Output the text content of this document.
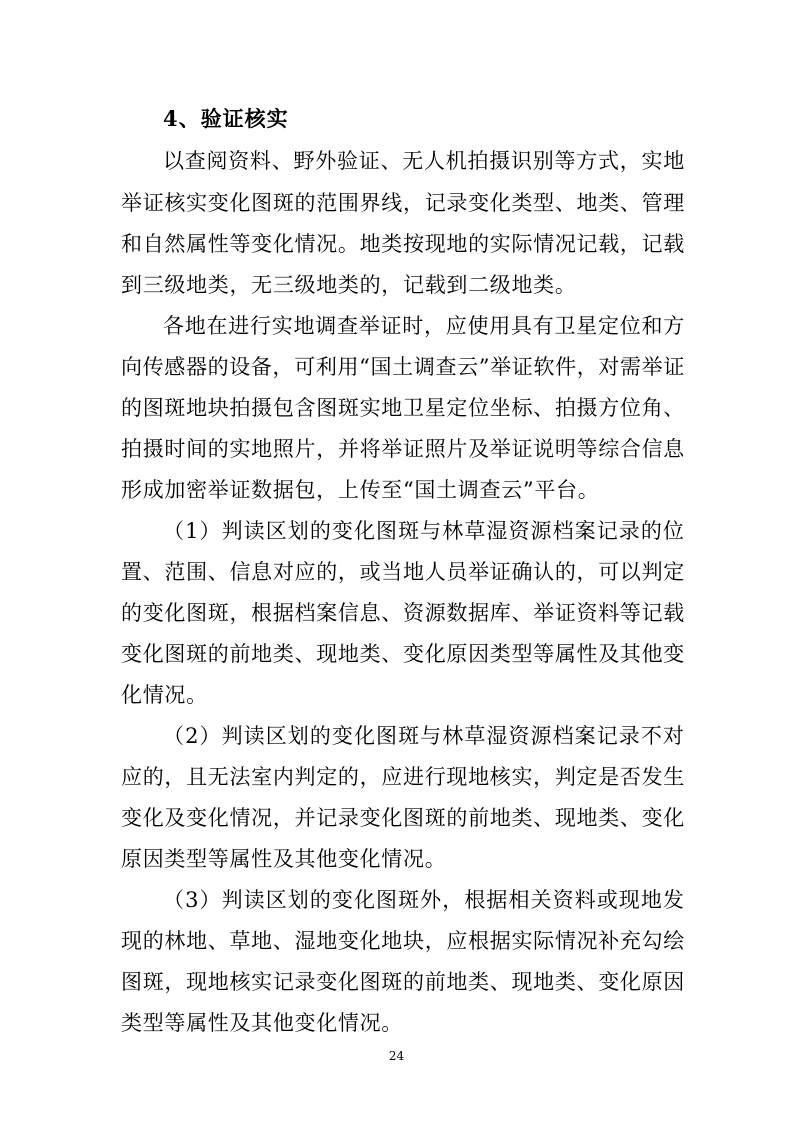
4、验证核实
以查阅资料、野外验证、无人机拍摄识别等方式，实地
举证核实变化图斑的范围界线，记录变化类型、地类、管理
和自然属性等变化情况。地类按现地的实际情况记载，记载
到三级地类，无三级地类的，记载到二级地类。
各地在进行实地调查举证时，应使用具有卫星定位和方
向传感器的设备，可利用“国土调查云”举证软件，对需举证
的图斑地块拍摄包含图斑实地卫星定位坐标、拍摄方位角、
拍摄时间的实地照片，并将举证照片及举证说明等综合信息
形成加密举证数据包，上传至“国土调查云”平台。
（1）判读区划的变化图斑与林草湿资源档案记录的位
置、范围、信息对应的，或当地人员举证确认的，可以判定
的变化图斑，根据档案信息、资源数据库、举证资料等记载
变化图斑的前地类、现地类、变化原因类型等属性及其他变
化情况。
（2）判读区划的变化图斑与林草湿资源档案记录不对
应的，且无法室内判定的，应进行现地核实，判定是否发生
变化及变化情况，并记录变化图斑的前地类、现地类、变化
原因类型等属性及其他变化情况。
（3）判读区划的变化图斑外，根据相关资料或现地发
现的林地、草地、湿地变化地块，应根据实际情况补充勾绘
图斑，现地核实记录变化图斑的前地类、现地类、变化原因
类型等属性及其他变化情况。
24
